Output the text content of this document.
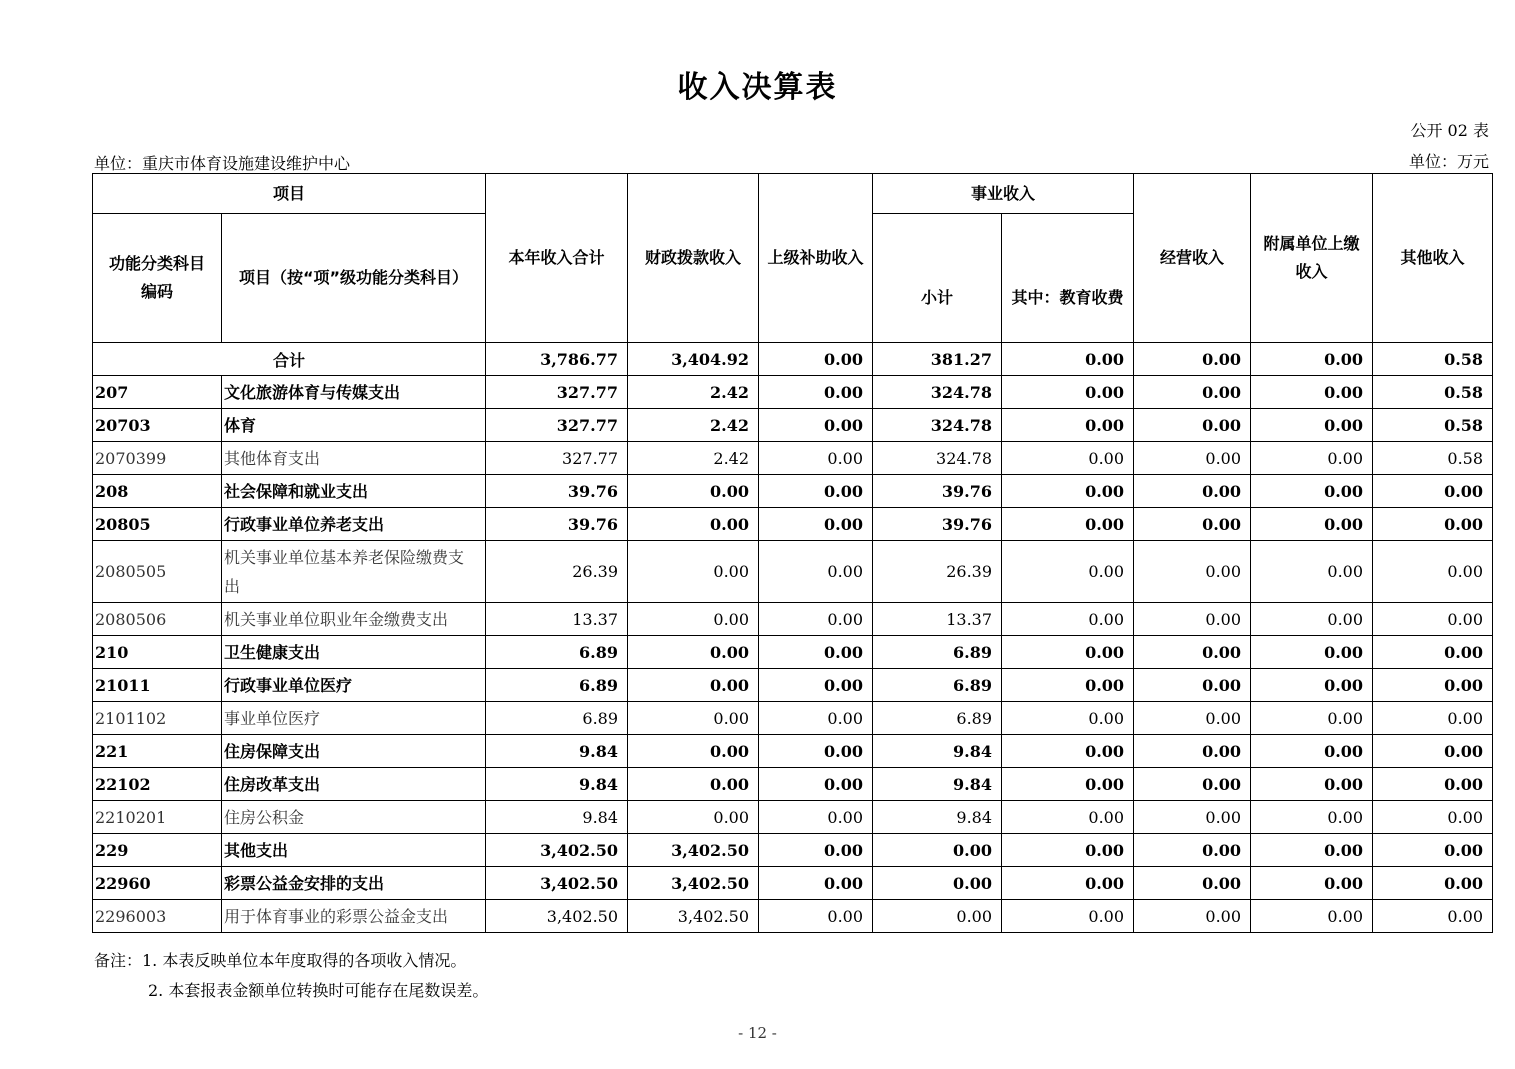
收入决算表
公开 02 表
单位：重庆市体育设施建设维护中心	单位：万元
项目		本年收入合计	财政拨款收入	上级补助收入	事业收入		经营收入	附属单位上缴收入	其他收入
功能分类科目编码	项目（按“项”级功能分类科目）				小计	其中：教育收费			
合计		3,786.77	3,404.92	0.00	381.27	0.00	0.00	0.00	0.58
207	文化旅游体育与传媒支出	327.77	2.42	0.00	324.78	0.00	0.00	0.00	0.58
20703	体育	327.77	2.42	0.00	324.78	0.00	0.00	0.00	0.58
2070399	其他体育支出	327.77	2.42	0.00	324.78	0.00	0.00	0.00	0.58
208	社会保障和就业支出	39.76	0.00	0.00	39.76	0.00	0.00	0.00	0.00
20805	行政事业单位养老支出	39.76	0.00	0.00	39.76	0.00	0.00	0.00	0.00
2080505	机关事业单位基本养老保险缴费支出	26.39	0.00	0.00	26.39	0.00	0.00	0.00	0.00
2080506	机关事业单位职业年金缴费支出	13.37	0.00	0.00	13.37	0.00	0.00	0.00	0.00
210	卫生健康支出	6.89	0.00	0.00	6.89	0.00	0.00	0.00	0.00
21011	行政事业单位医疗	6.89	0.00	0.00	6.89	0.00	0.00	0.00	0.00
2101102	事业单位医疗	6.89	0.00	0.00	6.89	0.00	0.00	0.00	0.00
221	住房保障支出	9.84	0.00	0.00	9.84	0.00	0.00	0.00	0.00
22102	住房改革支出	9.84	0.00	0.00	9.84	0.00	0.00	0.00	0.00
2210201	住房公积金	9.84	0.00	0.00	9.84	0.00	0.00	0.00	0.00
229	其他支出	3,402.50	3,402.50	0.00	0.00	0.00	0.00	0.00	0.00
22960	彩票公益金安排的支出	3,402.50	3,402.50	0.00	0.00	0.00	0.00	0.00	0.00
2296003	用于体育事业的彩票公益金支出	3,402.50	3,402.50	0.00	0.00	0.00	0.00	0.00	0.00
备注：1. 本表反映单位本年度取得的各项收入情况。
2. 本套报表金额单位转换时可能存在尾数误差。
- 12 -
